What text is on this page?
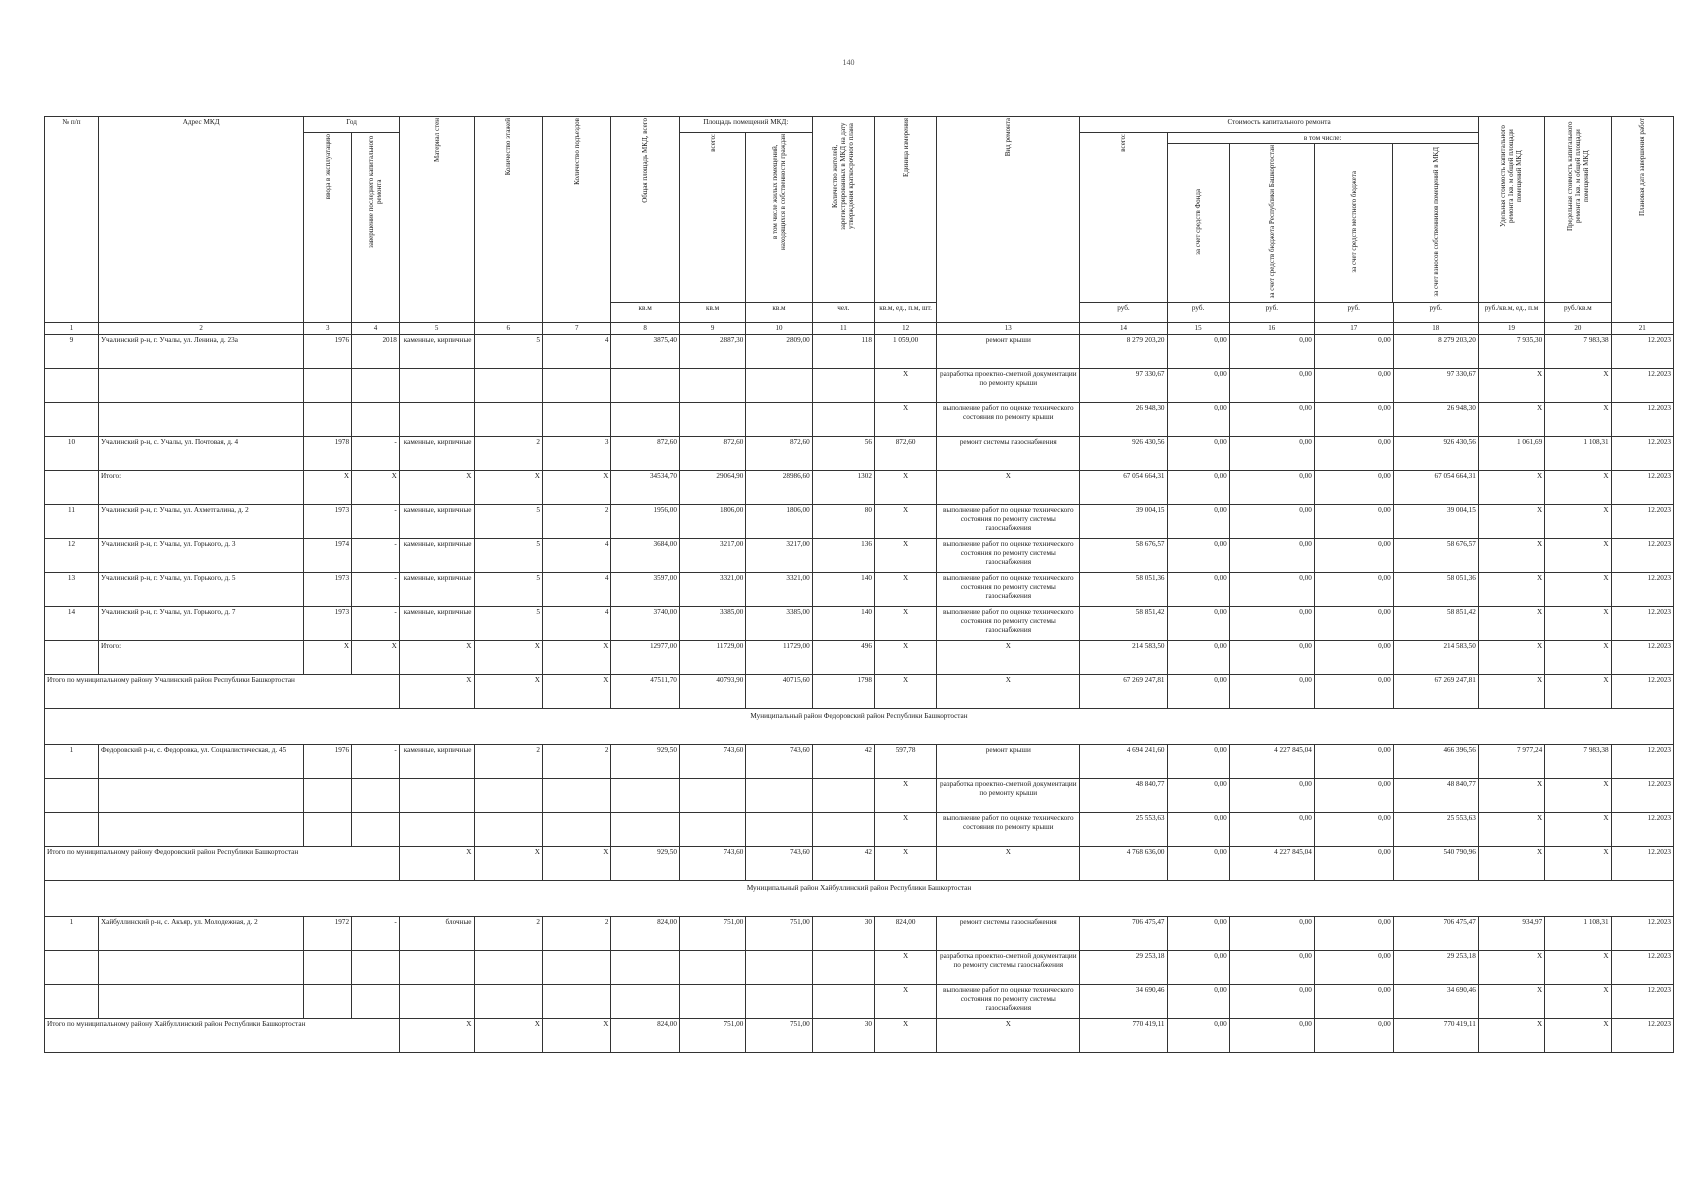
140
№ п/п	Адрес МКД	Год	Материал стен	Количество этажей	Количество подъездов	Общая площадь МКД, всего	Площадь помещений МКД:	Количество жителей, зарегистрированных в МКД на дату утверждения краткосрочного плана	Единица измерения	Вид ремонта	Стоимость капитального ремонта	Удельная стоимость капитального ремонта 1кв. м общей площади помещений МКД	Предельная стоимость капитального ремонта 1кв. м общей площади помещений МКД	Плановая дата завершения работ
ввода в эксплуатацию	завершение последнего капитального ремонта	всего:	в том числе жилых помещений, находящихся в собственности граждан	всего:	в том числе:
за счет средств Фонда	за счет средств бюджета Республики Башкортостан	за счет средств местного бюджета	за счет взносов собственников помещений в МКД

кв.м	кв.м	кв.м	чел.	кв.м, ед., п.м, шт.	руб.	руб.	руб.	руб.	руб.	руб./кв.м, ед., п.м	руб./кв.м
1	2	3	4	5	6	7	8	9	10	11	12	13	14	15	16	17	18	19	20	21
9	Учалинский р-н, г. Учалы, ул. Ленина, д. 23а	1976	2018	каменные, кирпичные	5	4	3875,40	2887,30	2809,00	118	1 059,00	ремонт крыши	8 279 203,20	0,00	0,00	0,00	8 279 203,20	7 935,30	7 983,38	12.2023
											X	разработка проектно-сметной документации по ремонту крыши	97 330,67	0,00	0,00	0,00	97 330,67	X	X	12.2023
											X	выполнение работ по оценке технического состояния по ремонту крыши	26 948,30	0,00	0,00	0,00	26 948,30	X	X	12.2023
10	Учалинский р-н, с. Учалы, ул. Почтовая, д. 4	1978	-	каменные, кирпичные	2	3	872,60	872,60	872,60	56	872,60	ремонт системы газоснабжения	926 430,56	0,00	0,00	0,00	926 430,56	1 061,69	1 108,31	12.2023
	Итого:	X	X	X	X	X	34534,70	29064,90	28986,60	1302	X	X	67 054 664,31	0,00	0,00	0,00	67 054 664,31	X	X	12.2023
11	Учалинский р-н, г. Учалы, ул. Ахметгалина, д. 2	1973	-	каменные, кирпичные	5	2	1956,00	1806,00	1806,00	80	X	выполнение работ по оценке технического состояния по ремонту системы газоснабжения	39 004,15	0,00	0,00	0,00	39 004,15	X	X	12.2023
12	Учалинский р-н, г. Учалы, ул. Горького, д. 3	1974	-	каменные, кирпичные	5	4	3684,00	3217,00	3217,00	136	X	выполнение работ по оценке технического состояния по ремонту системы газоснабжения	58 676,57	0,00	0,00	0,00	58 676,57	X	X	12.2023
13	Учалинский р-н, г. Учалы, ул. Горького, д. 5	1973	-	каменные, кирпичные	5	4	3597,00	3321,00	3321,00	140	X	выполнение работ по оценке технического состояния по ремонту системы газоснабжения	58 051,36	0,00	0,00	0,00	58 051,36	X	X	12.2023
14	Учалинский р-н, г. Учалы, ул. Горького, д. 7	1973	-	каменные, кирпичные	5	4	3740,00	3385,00	3385,00	140	X	выполнение работ по оценке технического состояния по ремонту системы газоснабжения	58 851,42	0,00	0,00	0,00	58 851,42	X	X	12.2023
	Итого:	X	X	X	X	X	12977,00	11729,00	11729,00	496	X	X	214 583,50	0,00	0,00	0,00	214 583,50	X	X	12.2023
Итого по муниципальному району Учалинский район Республики Башкортостан	X	X	X	47511,70	40793,90	40715,60	1798	X	X	67 269 247,81	0,00	0,00	0,00	67 269 247,81	X	X	12.2023
Муниципальный район Федоровский район Республики Башкортостан
1	Федоровский р-н, с. Федоровка, ул. Социалистическая, д. 45	1976	-	каменные, кирпичные	2	2	929,50	743,60	743,60	42	597,78	ремонт крыши	4 694 241,60	0,00	4 227 845,04	0,00	466 396,56	7 977,24	7 983,38	12.2023
											X	разработка проектно-сметной документации по ремонту крыши	48 840,77	0,00	0,00	0,00	48 840,77	X	X	12.2023
											X	выполнение работ по оценке технического состояния по ремонту крыши	25 553,63	0,00	0,00	0,00	25 553,63	X	X	12.2023
Итого по муниципальному району Федоровский район Республики Башкортостан	X	X	X	929,50	743,60	743,60	42	X	X	4 768 636,00	0,00	4 227 845,04	0,00	540 790,96	X	X	12.2023
Муниципальный район Хайбуллинский район Республики Башкортостан
1	Хайбуллинский р-н, с. Акъяр, ул. Молодежная, д. 2	1972	-	блочные	2	2	824,00	751,00	751,00	30	824,00	ремонт системы газоснабжения	706 475,47	0,00	0,00	0,00	706 475,47	934,97	1 108,31	12.2023
											X	разработка проектно-сметной документации по ремонту системы газоснабжения	29 253,18	0,00	0,00	0,00	29 253,18	X	X	12.2023
											X	выполнение работ по оценке технического состояния по ремонту системы газоснабжения	34 690,46	0,00	0,00	0,00	34 690,46	X	X	12.2023
Итого по муниципальному району Хайбуллинский район Республики Башкортостан	X	X	X	824,00	751,00	751,00	30	X	X	770 419,11	0,00	0,00	0,00	770 419,11	X	X	12.2023
